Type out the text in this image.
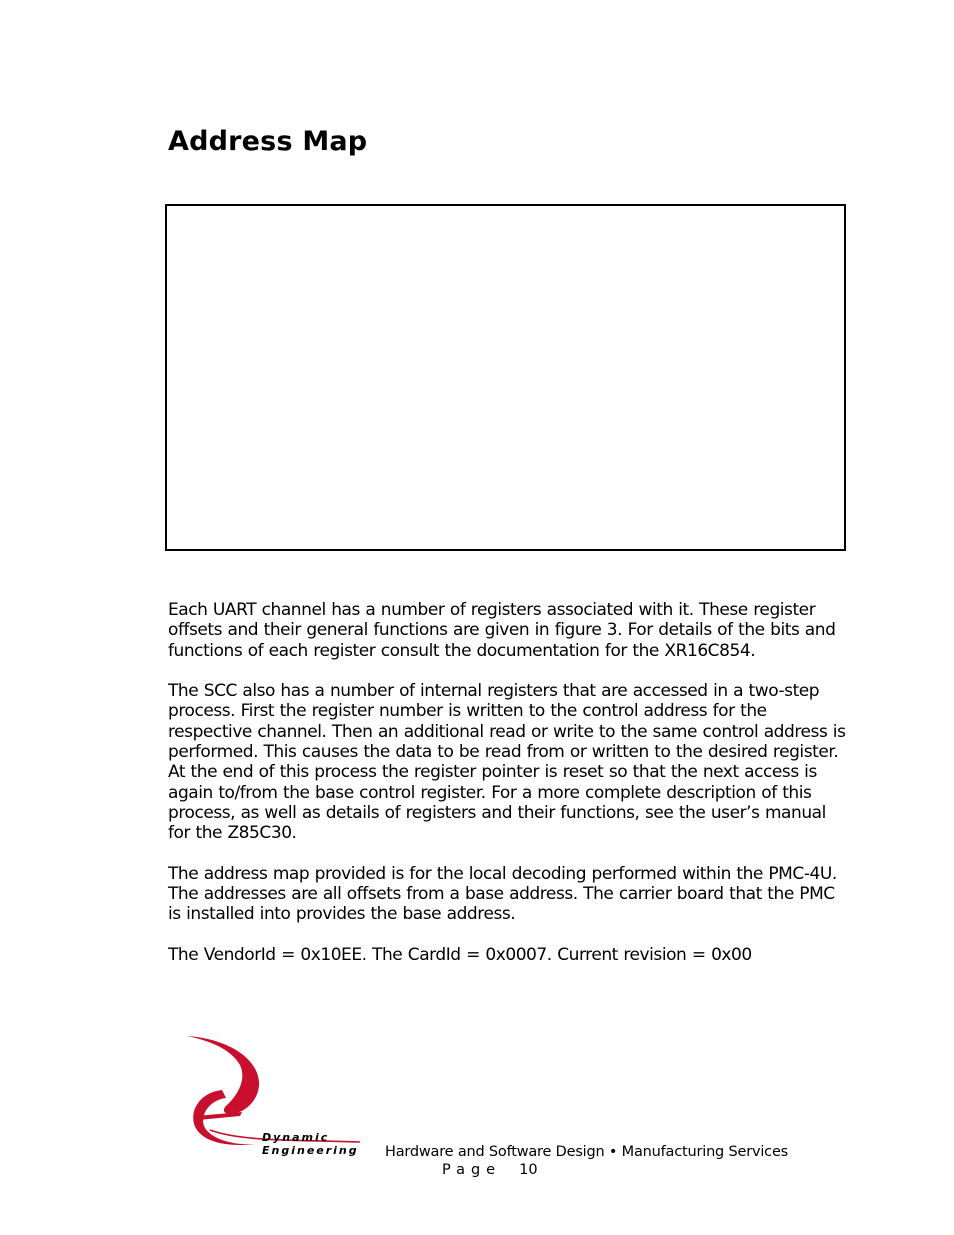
Address Map

Each UART channel has a number of registers associated with it. These register offsets and their general functions are given in figure 3. For details of the bits and functions of each register consult the documentation for the XR16C854.

The SCC also has a number of internal registers that are accessed in a two-step process. First the register number is written to the control address for the respective channel. Then an additional read or write to the same control address is performed. This causes the data to be read from or written to the desired register. At the end of this process the register pointer is reset so that the next access is again to/from the base control register. For a more complete description of this process, as well as details of registers and their functions, see the user’s manual for the Z85C30.

The address map provided is for the local decoding performed within the PMC-4U. The addresses are all offsets from a base address. The carrier board that the PMC is installed into provides the base address.

The VendorId = 0x10EE. The CardId = 0x0007. Current revision = 0x00

Dynamic
Engineering Hardware and Software Design • Manufacturing Services
Page 10
